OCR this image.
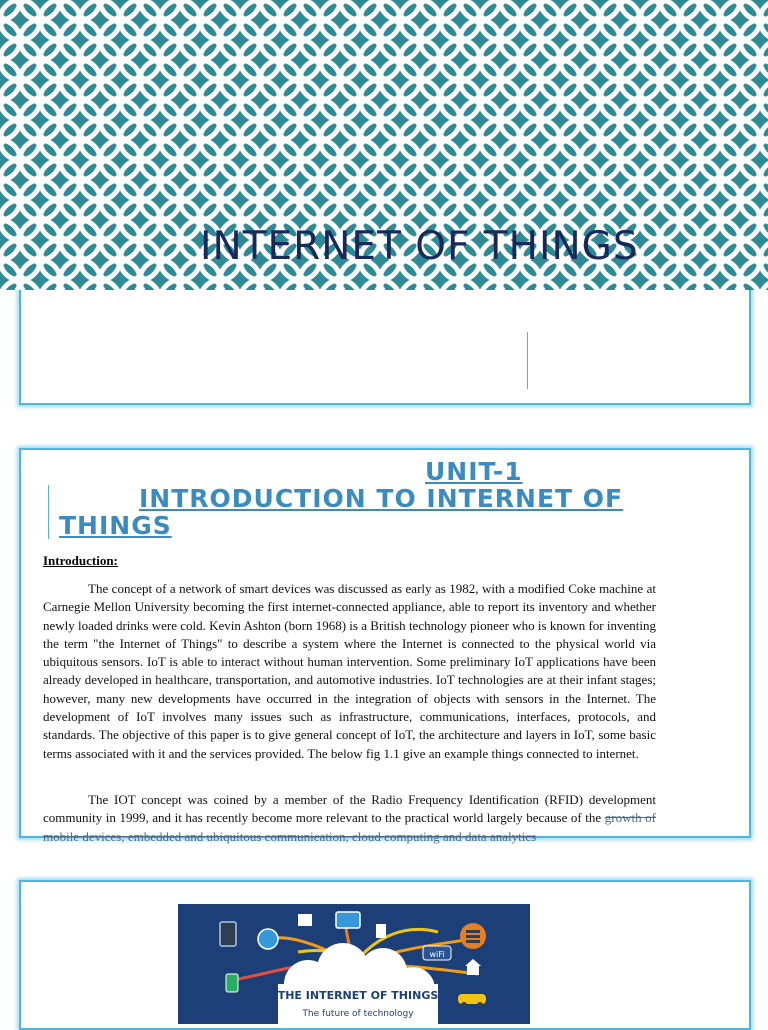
INTERNET OF THINGS
UNIT-1
INTRODUCTION TO INTERNET OF
THINGS
Introduction:

The concept of a network of smart devices was discussed as early as 1982, with a modified Coke machine at Carnegie Mellon University becoming the first internet-connected appliance, able to report its inventory and whether newly loaded drinks were cold. Kevin Ashton (born 1968) is a British technology pioneer who is known for inventing the term "the Internet of Things" to describe a system where the Internet is connected to the physical world via ubiquitous sensors. IoT is able to interact without human intervention. Some preliminary IoT applications have been already developed in healthcare, transportation, and automotive industries. IoT technologies are at their infant stages; however, many new developments have occurred in the integration of objects with sensors in the Internet. The development of IoT involves many issues such as infrastructure, communications, interfaces, protocols, and standards. The objective of this paper is to give general concept of IoT, the architecture and layers in IoT, some basic terms associated with it and the services provided. The below fig 1.1 give an example things connected to internet.

The IOT concept was coined by a member of the Radio Frequency Identification (RFID) development community in 1999, and it has recently become more relevant to the practical world largely because of the growth of mobile devices, embedded and ubiquitous communication, cloud computing and data analytics

wiFi
THE INTERNET OF THINGS
The future of technology
